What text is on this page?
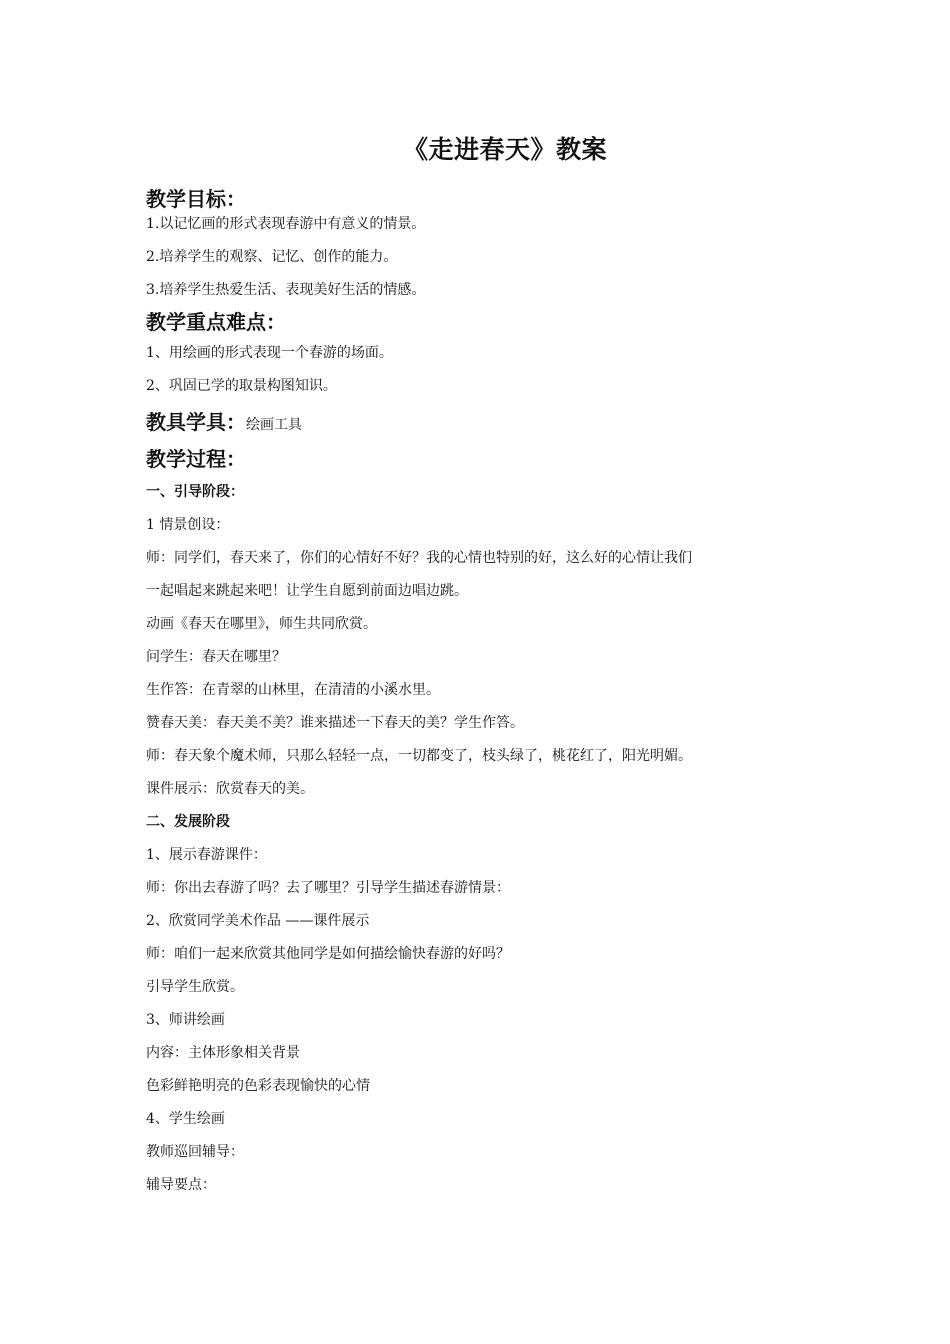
《走进春天》教案
教学目标：
1.以记忆画的形式表现春游中有意义的情景。
2.培养学生的观察、记忆、创作的能力。
3.培养学生热爱生活、表现美好生活的情感。
教学重点难点：
1、用绘画的形式表现一个春游的场面。
2、巩固已学的取景构图知识。
教具学具：绘画工具
教学过程：
一、引导阶段：
1 情景创设：
师：同学们，春天来了，你们的心情好不好？我的心情也特别的好，这么好的心情让我们
一起唱起来跳起来吧！让学生自愿到前面边唱边跳。
动画《春天在哪里》，师生共同欣赏。
问学生：春天在哪里？
生作答：在青翠的山林里，在清清的小溪水里。
赞春天美：春天美不美？谁来描述一下春天的美？学生作答。
师：春天象个魔术师，只那么轻轻一点，一切都变了，枝头绿了，桃花红了，阳光明媚。
课件展示：欣赏春天的美。
二、发展阶段
1、展示春游课件：
师：你出去春游了吗？去了哪里？引导学生描述春游情景：
2、欣赏同学美术作品 ——课件展示
师：咱们一起来欣赏其他同学是如何描绘愉快春游的好吗？
引导学生欣赏。
3、师讲绘画
内容：主体形象相关背景
色彩鲜艳明亮的色彩表现愉快的心情
4、学生绘画
教师巡回辅导：
辅导要点：
